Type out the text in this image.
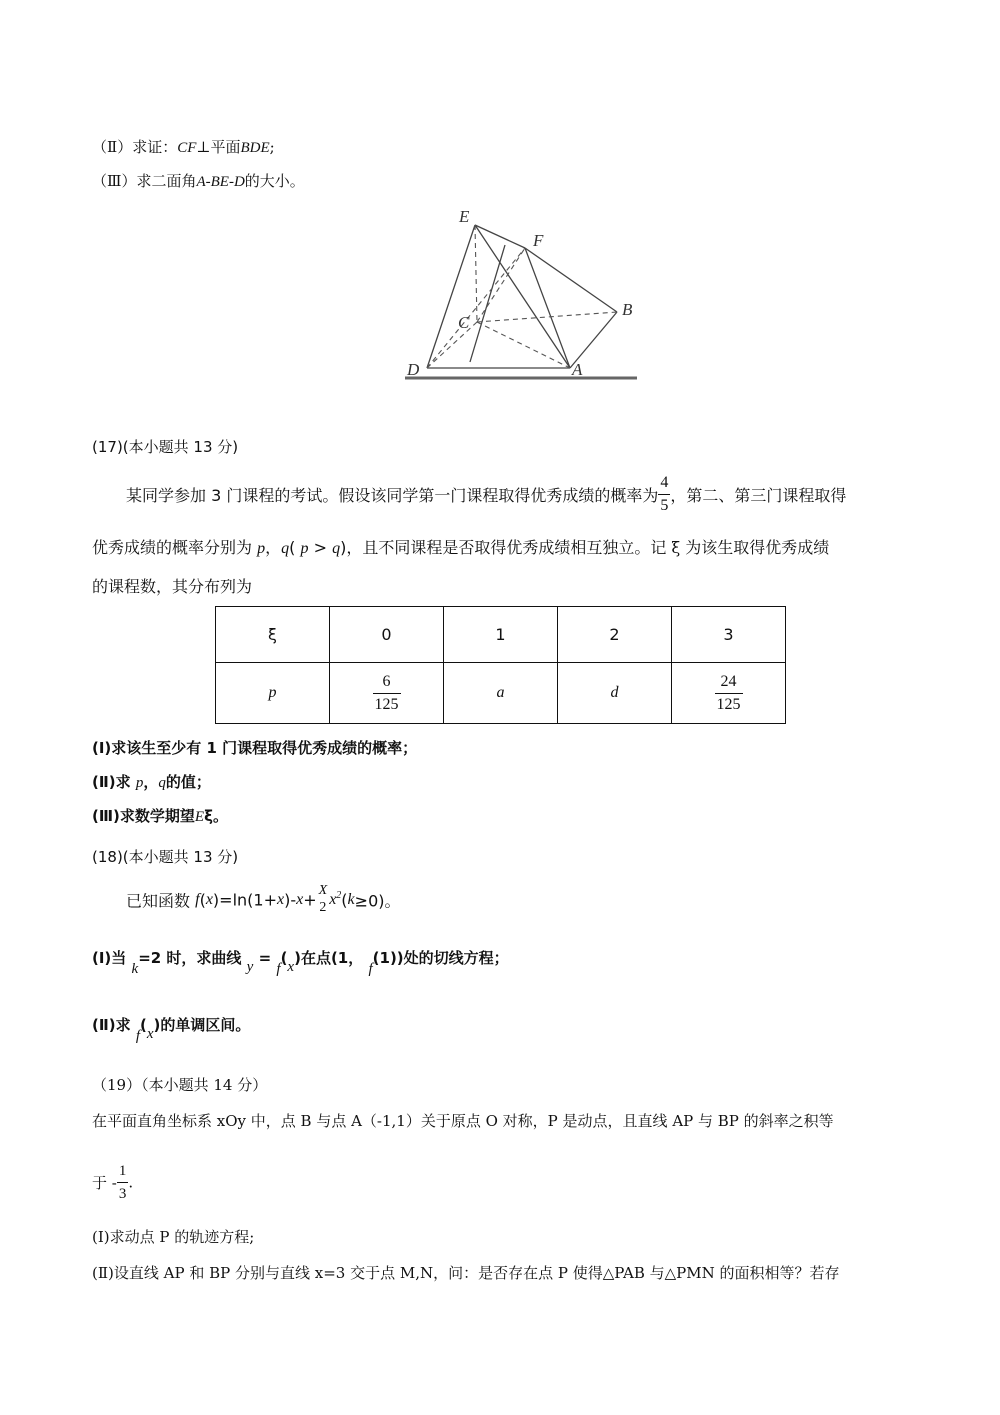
（Ⅱ）求证：CF⊥平面BDE;
（Ⅲ）求二面角A-BE-D的大小。
E
F
C
B
D	A
(17)(本小题共 13 分)
某同学参加 3 门课程的考试。假设该同学第一门课程取得优秀成绩的概率为 $\frac{4}{5}$ ，第二、第三门课程取得
优秀成绩的概率分别为 p，q( p > q)，且不同课程是否取得优秀成绩相互独立。记 ξ 为该生取得优秀成绩
的课程数，其分布列为
ξ	0	1	2	3
p	$\frac{6}{125}$	a	d	$\frac{24}{125}$
(Ⅰ)求该生至少有 1 门课程取得优秀成绩的概率；
(Ⅱ)求 p，q的值；
(Ⅲ)求数学期望Eξ。
(18)(本小题共 13 分)
已知函数 f(x)=ln(1+x)-x+ X
2 $x^2(k\ge 0)$。
(Ⅰ)当 k=2 时，求曲线 y = f(x)在点(1， f(1))处的切线方程；
(Ⅱ)求 f(x)的单调区间。
（19）（本小题共 14 分）
在平面直角坐标系 xOy 中，点 B 与点 A（-1,1）关于原点 O 对称，P 是动点，且直线 AP 与 BP 的斜率之积等
于 - $\frac{1}{3}$ .
(Ⅰ)求动点 P 的轨迹方程;
(Ⅱ)设直线 AP 和 BP 分别与直线 x=3 交于点 M,N，问：是否存在点 P 使得△PAB 与△PMN 的面积相等？若存
